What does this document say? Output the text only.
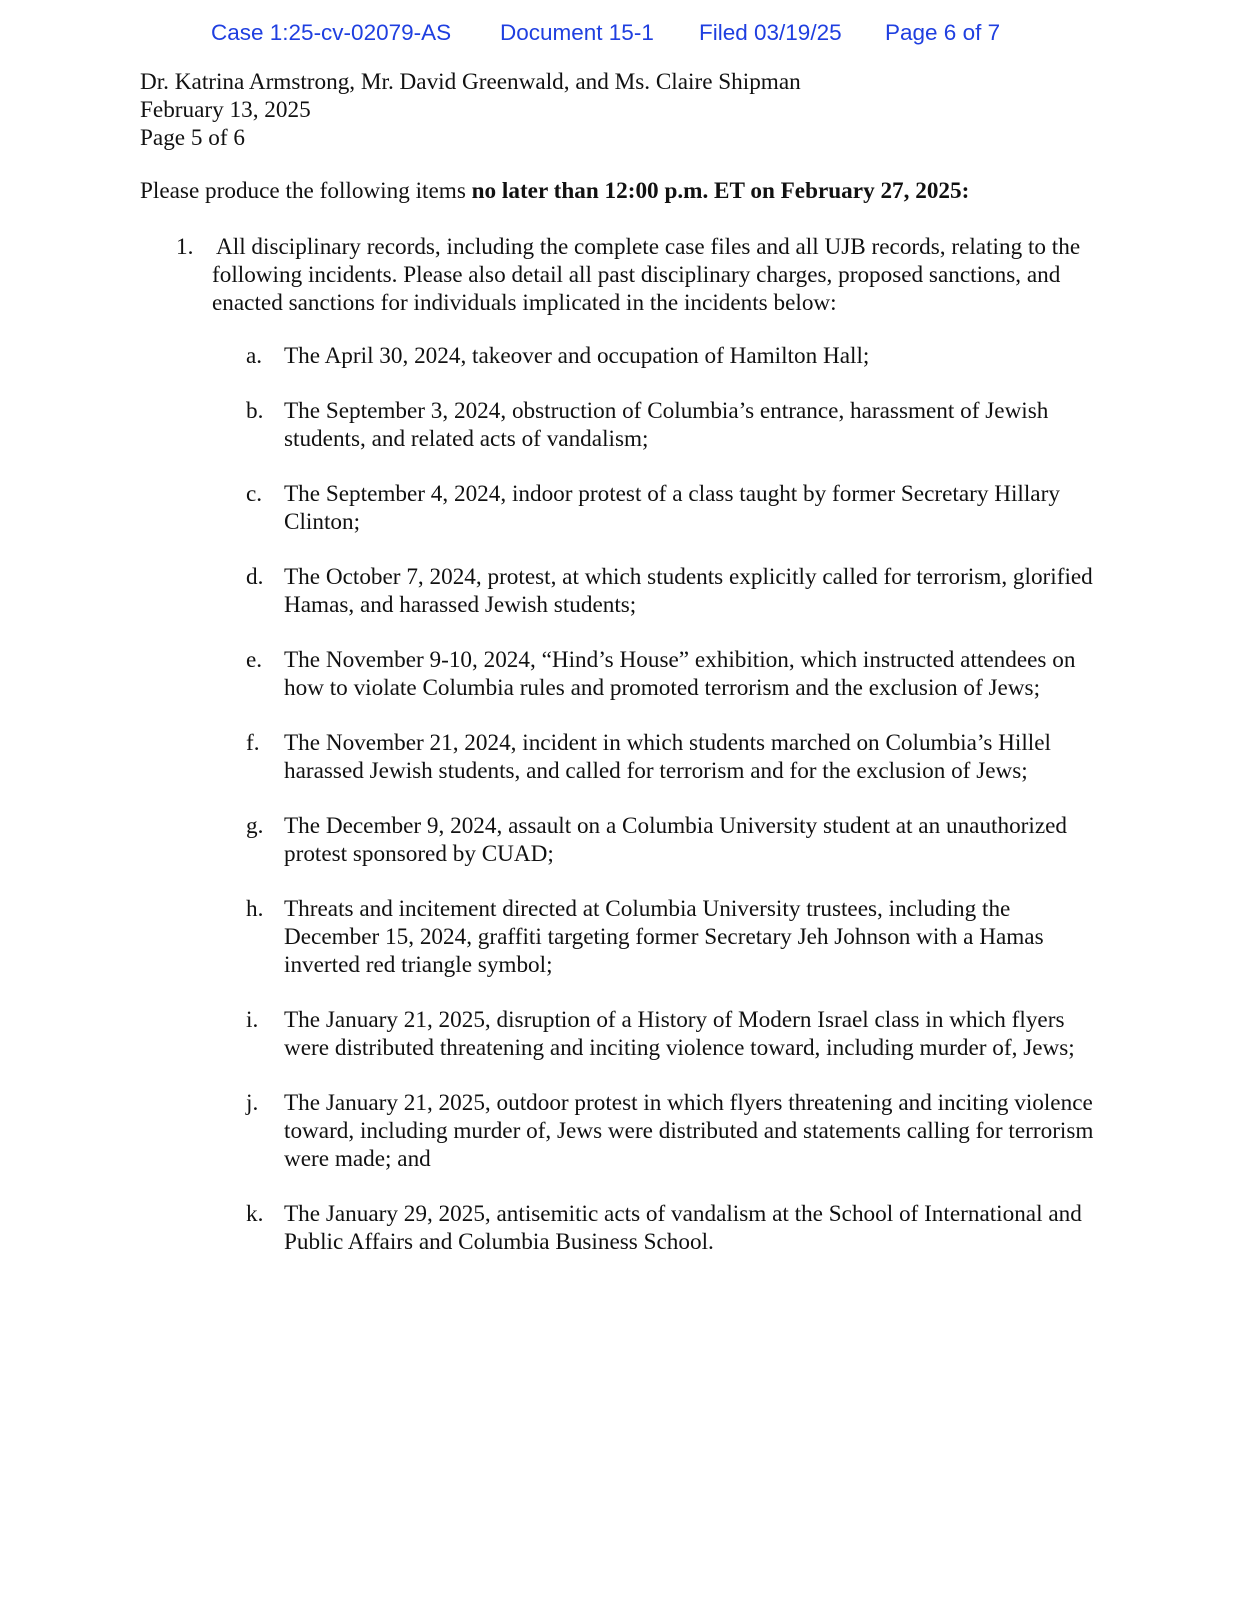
Case 1:25-cv-02079-AS Document 15-1 Filed 03/19/25 Page 6 of 7
Dr. Katrina Armstrong, Mr. David Greenwald, and Ms. Claire Shipman
February 13, 2025
Page 5 of 6
Please produce the following items no later than 12:00 p.m. ET on February 27, 2025:
1. All disciplinary records, including the complete case files and all UJB records, relating to the following incidents. Please also detail all past disciplinary charges, proposed sanctions, and enacted sanctions for individuals implicated in the incidents below:
a. The April 30, 2024, takeover and occupation of Hamilton Hall;
b. The September 3, 2024, obstruction of Columbia’s entrance, harassment of Jewish students, and related acts of vandalism;
c. The September 4, 2024, indoor protest of a class taught by former Secretary Hillary Clinton;
d. The October 7, 2024, protest, at which students explicitly called for terrorism, glorified Hamas, and harassed Jewish students;
e. The November 9-10, 2024, “Hind’s House” exhibition, which instructed attendees on how to violate Columbia rules and promoted terrorism and the exclusion of Jews;
f.	The November 21, 2024, incident in which students marched on Columbia’s Hillel harassed Jewish students, and called for terrorism and for the exclusion of Jews;
g. The December 9, 2024, assault on a Columbia University student at an unauthorized protest sponsored by CUAD;
h. Threats and incitement directed at Columbia University trustees, including the December 15, 2024, graffiti targeting former Secretary Jeh Johnson with a Hamas inverted red triangle symbol;
i.	The January 21, 2025, disruption of a History of Modern Israel class in which flyers were distributed threatening and inciting violence toward, including murder of, Jews;
j.	The January 21, 2025, outdoor protest in which flyers threatening and inciting violence toward, including murder of, Jews were distributed and statements calling for terrorism were made; and
k. The January 29, 2025, antisemitic acts of vandalism at the School of International and Public Affairs and Columbia Business School.
